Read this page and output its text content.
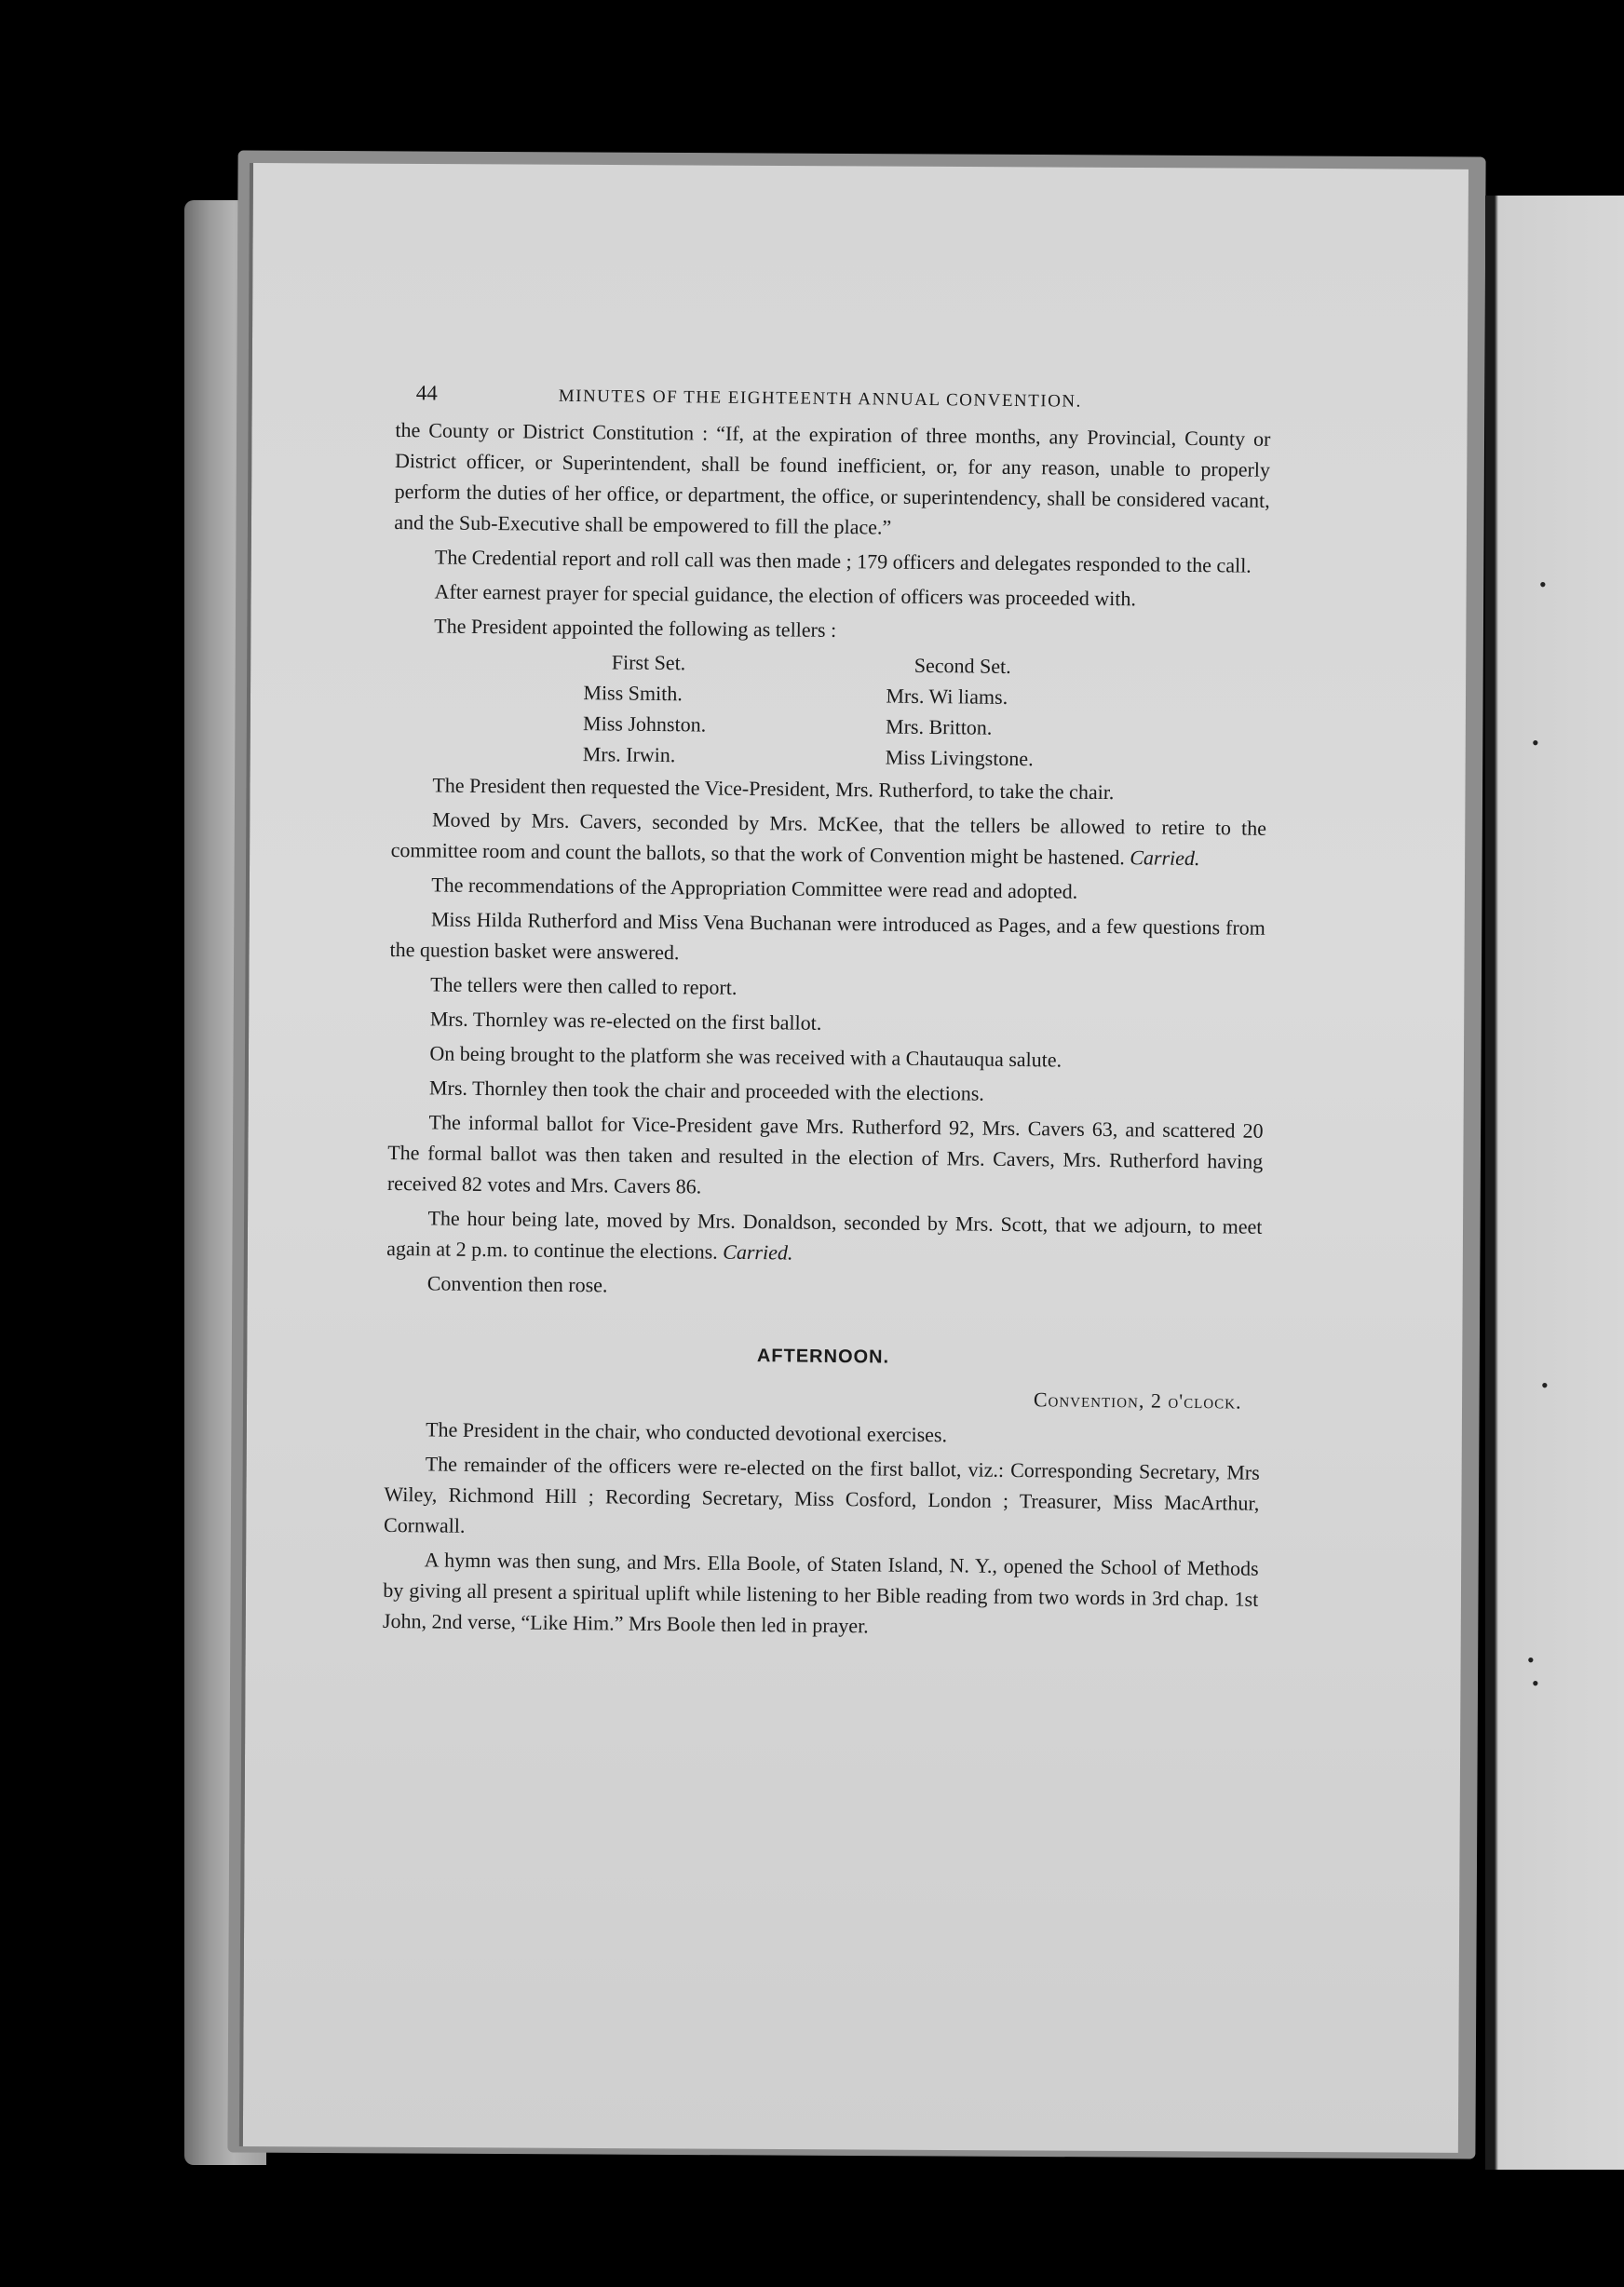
•
•
•
•
•
44	MINUTES OF THE EIGHTEENTH ANNUAL CONVENTION.

the County or District Constitution : “If, at the expiration of three months, any Provincial, County or District officer, or Superintendent, shall be found inefficient, or, for any reason, unable to properly perform the duties of her office, or department, the office, or superintendency, shall be considered vacant, and the Sub-Executive shall be empowered to fill the place.”

The Credential report and roll call was then made ; 179 officers and delegates responded to the call.

After earnest prayer for special guidance, the election of officers was proceeded with.

The President appointed the following as tellers :

First Set.
Miss Smith.
Miss Johnston.
Mrs. Irwin.
Second Set.
Mrs. Wi liams.
Mrs. Britton.
Miss Livingstone.

The President then requested the Vice-President, Mrs. Rutherford, to take the chair.

Moved by Mrs. Cavers, seconded by Mrs. McKee, that the tellers be allowed to retire to the committee room and count the ballots, so that the work of Convention might be hastened. Carried.

The recommendations of the Appropriation Committee were read and adopted.

Miss Hilda Rutherford and Miss Vena Buchanan were introduced as Pages, and a few questions from the question basket were answered.

The tellers were then called to report.

Mrs. Thornley was re-elected on the first ballot.

On being brought to the platform she was received with a Chautauqua salute.

Mrs. Thornley then took the chair and proceeded with the elections.

The informal ballot for Vice-President gave Mrs. Rutherford 92, Mrs. Cavers 63, and scattered 20 The formal ballot was then taken and resulted in the election of Mrs. Cavers, Mrs. Rutherford having received 82 votes and Mrs. Cavers 86.

The hour being late, moved by Mrs. Donaldson, seconded by Mrs. Scott, that we adjourn, to meet again at 2 p.m. to continue the elections. Carried.

Convention then rose.

AFTERNOON.
Convention, 2 o'clock.

The President in the chair, who conducted devotional exercises.

The remainder of the officers were re-elected on the first ballot, viz.: Corresponding Secretary, Mrs Wiley, Richmond Hill ; Recording Secretary, Miss Cosford, London ; Treasurer, Miss MacArthur, Cornwall.

A hymn was then sung, and Mrs. Ella Boole, of Staten Island, N. Y., opened the School of Methods by giving all present a spiritual uplift while listening to her Bible reading from two words in 3rd chap. 1st John, 2nd verse, “Like Him.” Mrs Boole then led in prayer.
